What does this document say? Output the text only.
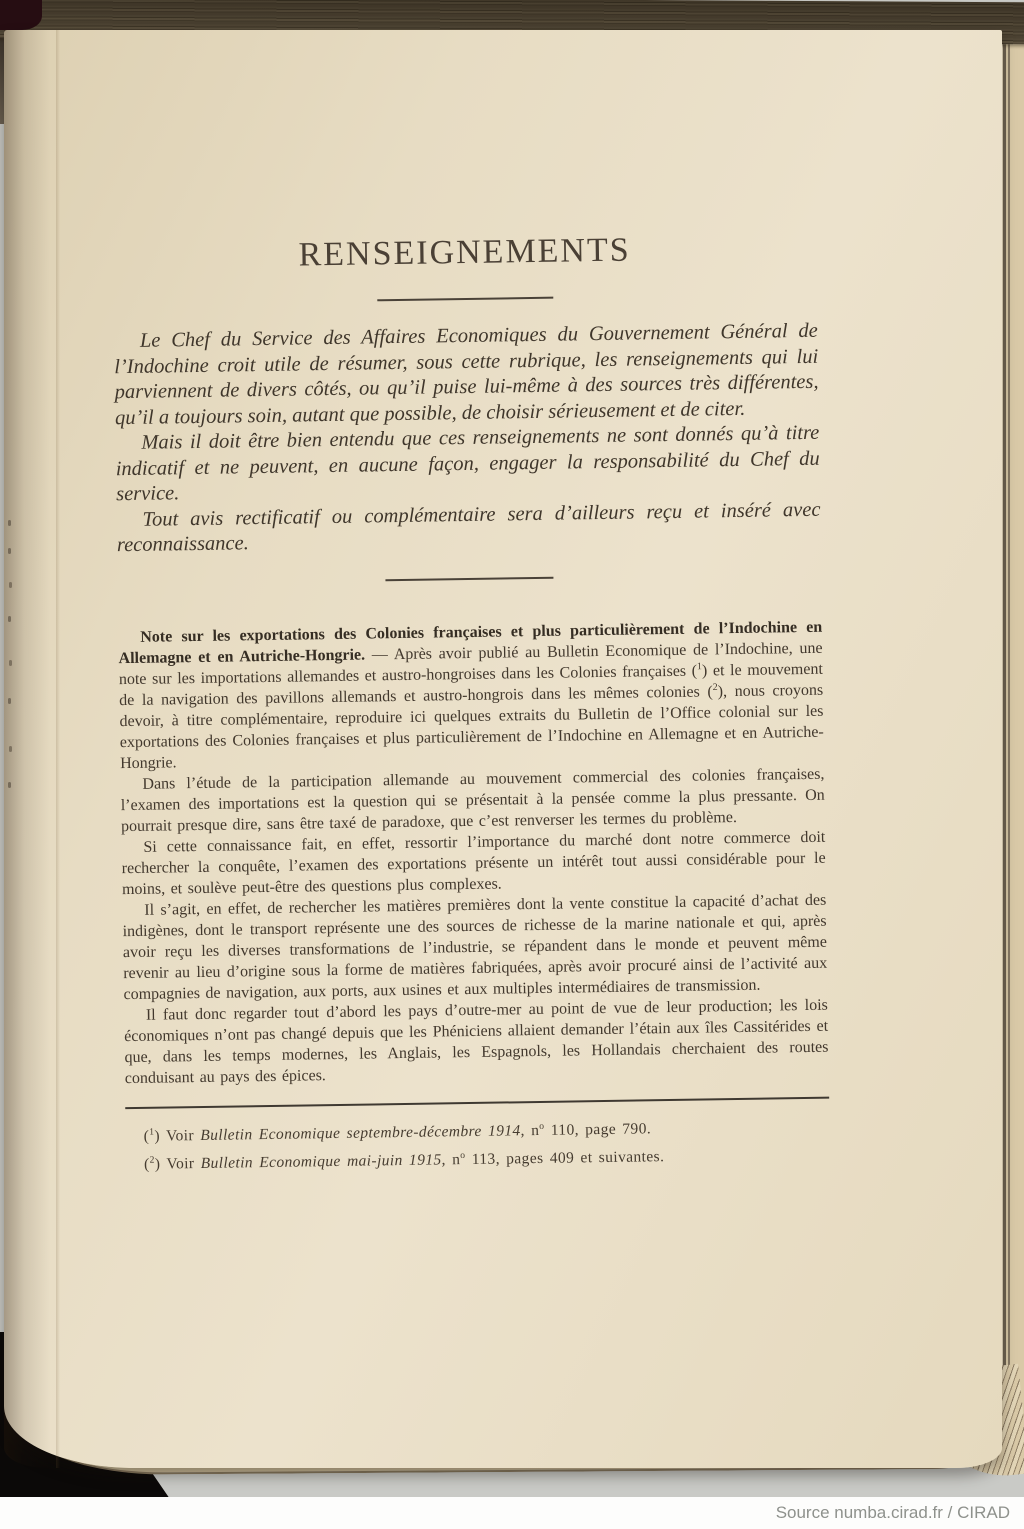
RENSEIGNEMENTS

Le Chef du Service des Affaires Economiques du Gouvernement Général de l’Indochine croit utile de résumer, sous cette rubrique, les renseignements qui lui parviennent de divers côtés, ou qu’il puise lui-même à des sources très différentes, qu’il a toujours soin, autant que possible, de choisir sérieusement et de citer.

Mais il doit être bien entendu que ces renseignements ne sont donnés qu’à titre indicatif et ne peuvent, en aucune façon, engager la responsabilité du Chef du service.

Tout avis rectificatif ou complémentaire sera d’ailleurs reçu et inséré avec reconnaissance.

Note sur les exportations des Colonies françaises et plus particulièrement de l’Indochine en Allemagne et en Autriche-Hongrie. — Après avoir publié au Bulletin Economique de l’Indochine, une note sur les importations allemandes et austro-hongroises dans les Colonies françaises ($^1$) et le mouvement de la navigation des pavillons allemands et austro-hongrois dans les mêmes colonies ($^2$), nous croyons devoir, à titre complémentaire, reproduire ici quelques extraits du Bulletin de l’Office colonial sur les exportations des Colonies françaises et plus particulièrement de l’Indochine en Allemagne et en Autriche-Hongrie.

Dans l’étude de la participation allemande au mouvement commercial des colonies françaises, l’examen des importations est la question qui se présentait à la pensée comme la plus pressante. On pourrait presque dire, sans être taxé de paradoxe, que c’est renverser les termes du problème.

Si cette connaissance fait, en effet, ressortir l’importance du marché dont notre commerce doit rechercher la conquête, l’examen des exportations présente un intérêt tout aussi considérable pour le moins, et soulève peut-être des questions plus complexes.

Il s’agit, en effet, de rechercher les matières premières dont la vente constitue la capacité d’achat des indigènes, dont le transport représente une des sources de richesse de la marine nationale et qui, après avoir reçu les diverses transformations de l’industrie, se répandent dans le monde et peuvent même revenir au lieu d’origine sous la forme de matières fabriquées, après avoir procuré ainsi de l’activité aux compagnies de navigation, aux ports, aux usines et aux multiples intermédiaires de transmission.

Il faut donc regarder tout d’abord les pays d’outre-mer au point de vue de leur production; les lois économiques n’ont pas changé depuis que les Phéniciens allaient demander l’étain aux îles Cassitérides et que, dans les temps modernes, les Anglais, les Espagnols, les Hollandais cherchaient des routes conduisant au pays des épices.

($^1$) Voir Bulletin Economique septembre-décembre 1914, $n^o$ 110, page 790.

($^2$) Voir Bulletin Economique mai-juin 1915, $n^o$ 113, pages 409 et suivantes.

Source numba.cirad.fr / CIRAD
